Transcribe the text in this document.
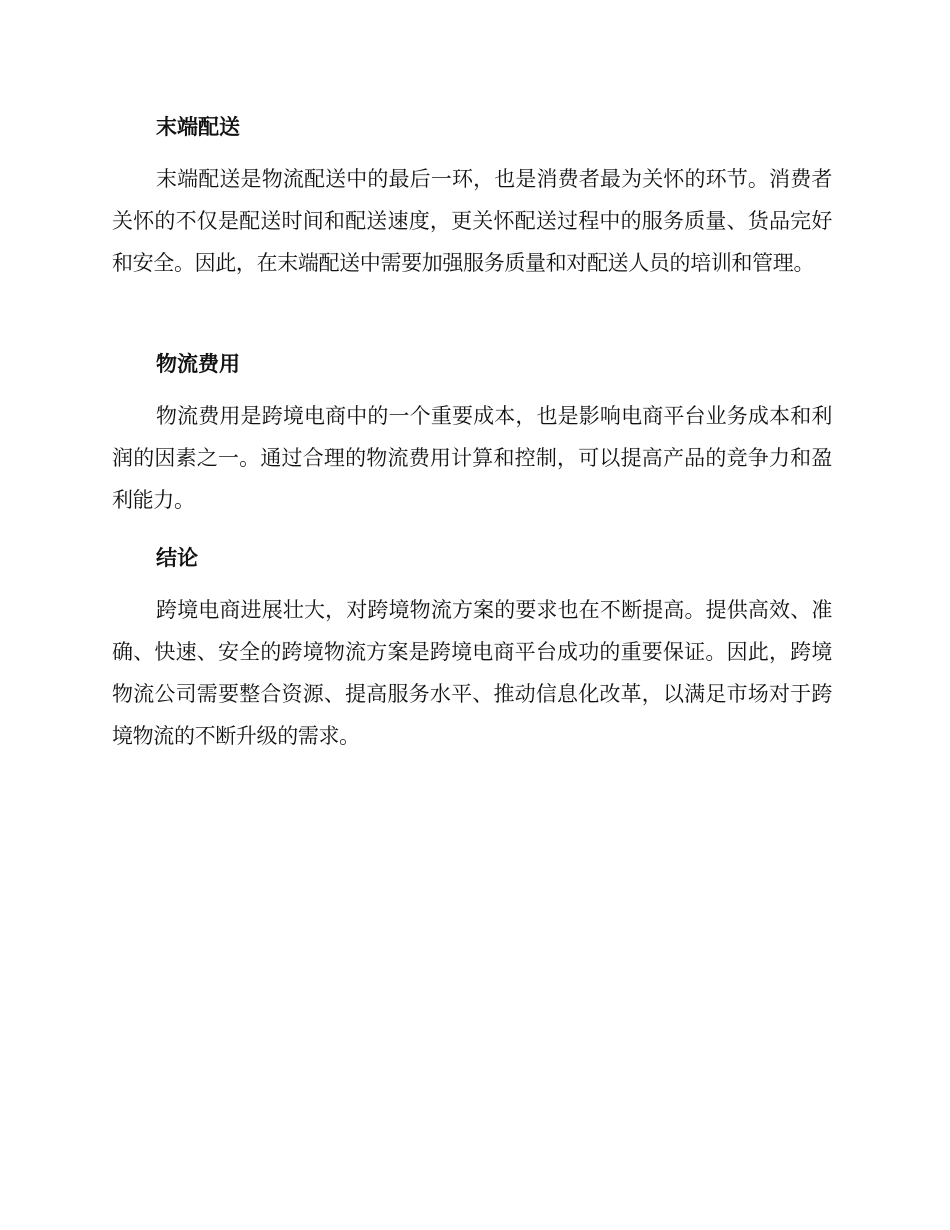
末端配送

末端配送是物流配送中的最后一环，也是消费者最为关怀的环节。消费者关怀的不仅是配送时间和配送速度，更关怀配送过程中的服务质量、货品完好和安全。因此，在末端配送中需要加强服务质量和对配送人员的培训和管理。

物流费用

物流费用是跨境电商中的一个重要成本，也是影响电商平台业务成本和利润的因素之一。通过合理的物流费用计算和控制，可以提高产品的竞争力和盈利能力。

结论

跨境电商进展壮大，对跨境物流方案的要求也在不断提高。提供高效、准确、快速、安全的跨境物流方案是跨境电商平台成功的重要保证。因此，跨境物流公司需要整合资源、提高服务水平、推动信息化改革，以满足市场对于跨境物流的不断升级的需求。
